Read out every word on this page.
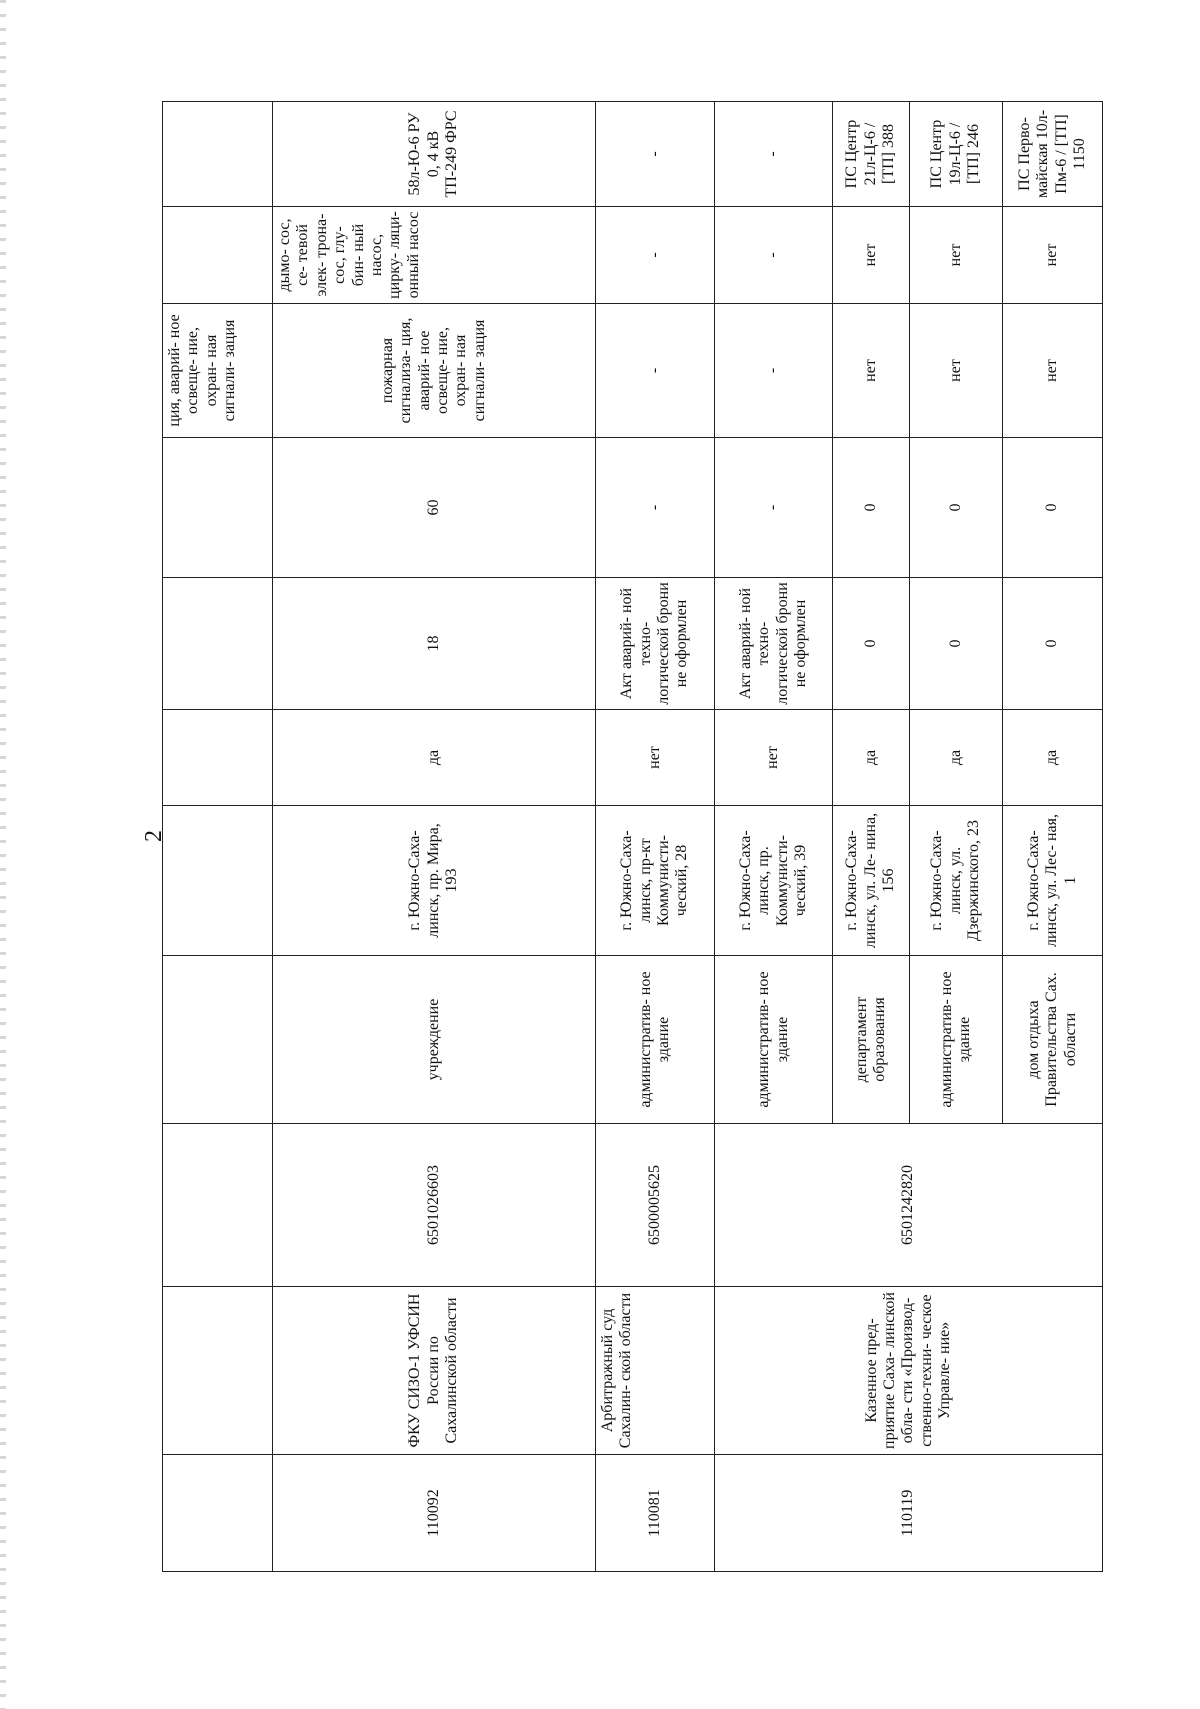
2
								ция, аварий- ное освеще- ние, охран- ная сигнали- зация		
110092	ФКУ СИЗО-1 УФСИН России по Сахалинской области	6501026603	учреждение	г. Южно-Саха- линск, пр. Мира, 193	да	18	60	пожарная сигнализа- ция, аварий- ное освеще- ние, охран- ная сигнали- зация	дымо- сос, се- тевой элек- трона- сос, глу- бин- ный насос, цирку- ляци- онный насос	58л-Ю-6 РУ 0, 4 кВ ТП-249 ФРС
110081	Арбитражный суд Сахалин- ской области	6500005625	административ- ное здание	г. Южно-Саха- линск, пр-кт Коммунисти- ческий, 28	нет	Акт аварий- ной техно- логической брони не оформлен	-	-	-	-
110119	Казенное пред- приятие Саха- линской обла- сти «Производ- ственно-техни- ческое Управле- ние»	6501242820	административ- ное здание	г. Южно-Саха- линск, пр. Коммунисти- ческий, 39	нет	Акт аварий- ной техно- логической брони не оформлен	-	-	-	-
			департамент образования	г. Южно-Саха- линск, ул. Ле- нина, 156	да	0	0	нет	нет	ПС Центр 21л-Ц-6 / [ТП] 388
			административ- ное здание	г. Южно-Саха- линск, ул. Дзержинского, 23	да	0	0	нет	нет	ПС Центр 19л-Ц-6 / [ТП] 246
			дом отдыха Правительства Сах. области	г. Южно-Саха- линск, ул. Лес- ная, 1	да	0	0	нет	нет	ПС Перво- майская 10л- Пм-6 / [ТП] 1150
